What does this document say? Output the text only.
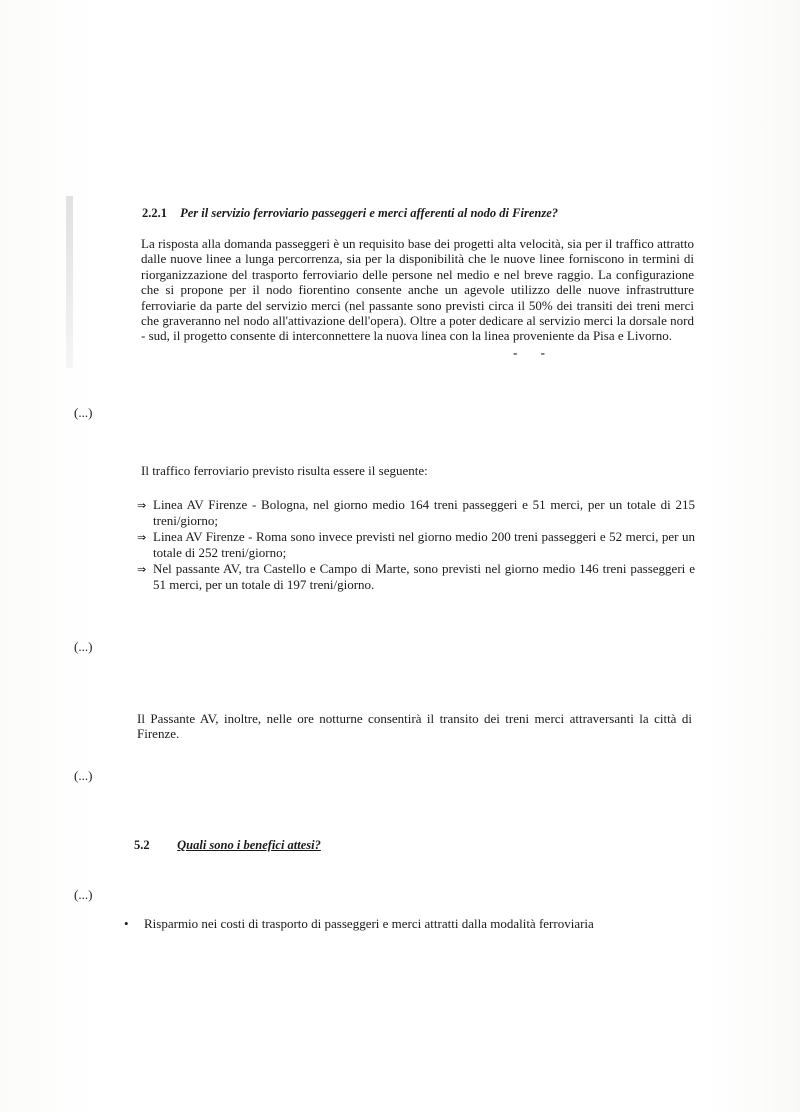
2.2.1 Per il servizio ferroviario passeggeri e merci afferenti al nodo di Firenze?
La risposta alla domanda passeggeri è un requisito base dei progetti alta velocità, sia per il traffico attratto dalle nuove linee a lunga percorrenza, sia per la disponibilità che le nuove linee forniscono in termini di riorganizzazione del trasporto ferroviario delle persone nel medio e nel breve raggio. La configurazione che si propone per il nodo fiorentino consente anche un agevole utilizzo delle nuove infrastrutture ferroviarie da parte del servizio merci (nel passante sono previsti circa il 50% dei transiti dei treni merci che graveranno nel nodo all'attivazione dell'opera). Oltre a poter dedicare al servizio merci la dorsale nord - sud, il progetto consente di interconnettere la nuova linea con la linea proveniente da Pisa e Livorno.
- -
(...)
Il traffico ferroviario previsto risulta essere il seguente:
⇒ Linea AV Firenze - Bologna, nel giorno medio 164 treni passeggeri e 51 merci, per un totale di 215 treni/giorno;
⇒ Linea AV Firenze - Roma sono invece previsti nel giorno medio 200 treni passeggeri e 52 merci, per un totale di 252 treni/giorno;
⇒ Nel passante AV, tra Castello e Campo di Marte, sono previsti nel giorno medio 146 treni passeggeri e 51 merci, per un totale di 197 treni/giorno.
(...)
Il Passante AV, inoltre, nelle ore notturne consentirà il transito dei treni merci attraversanti la città di Firenze.
(...)
5.2 Quali sono i benefici attesi?
(...)
• Risparmio nei costi di trasporto di passeggeri e merci attratti dalla modalità ferroviaria
